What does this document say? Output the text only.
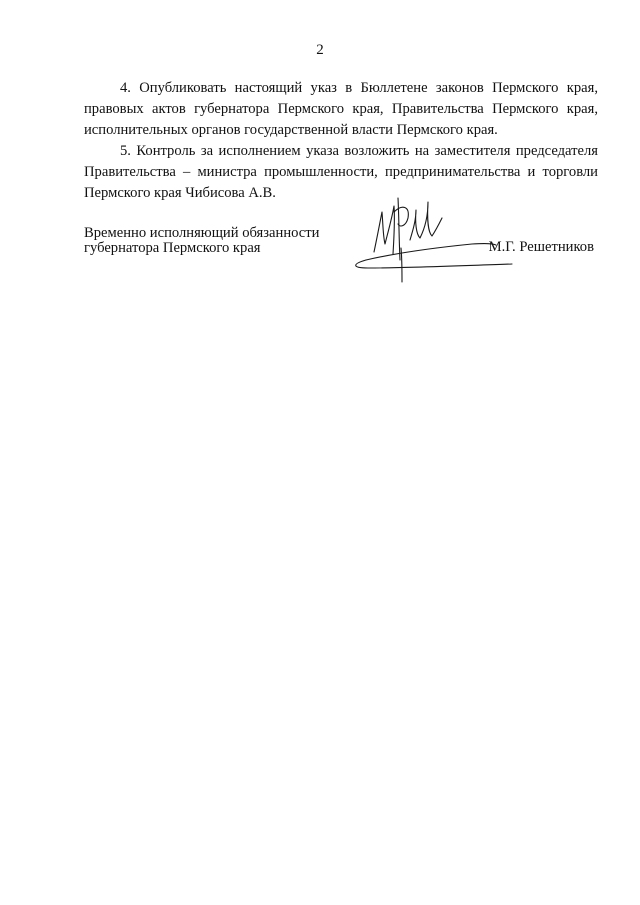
2

4. Опубликовать настоящий указ в Бюллетене законов Пермского края, правовых актов губернатора Пермского края, Правительства Пермского края, исполнительных органов государственной власти Пермского края.

5. Контроль за исполнением указа возложить на заместителя председателя Правительства – министра промышленности, предпринимательства и торговли Пермского края Чибисова А.В.

Временно исполняющий обязанности
губернатора Пермского края	М.Г. Решетников
